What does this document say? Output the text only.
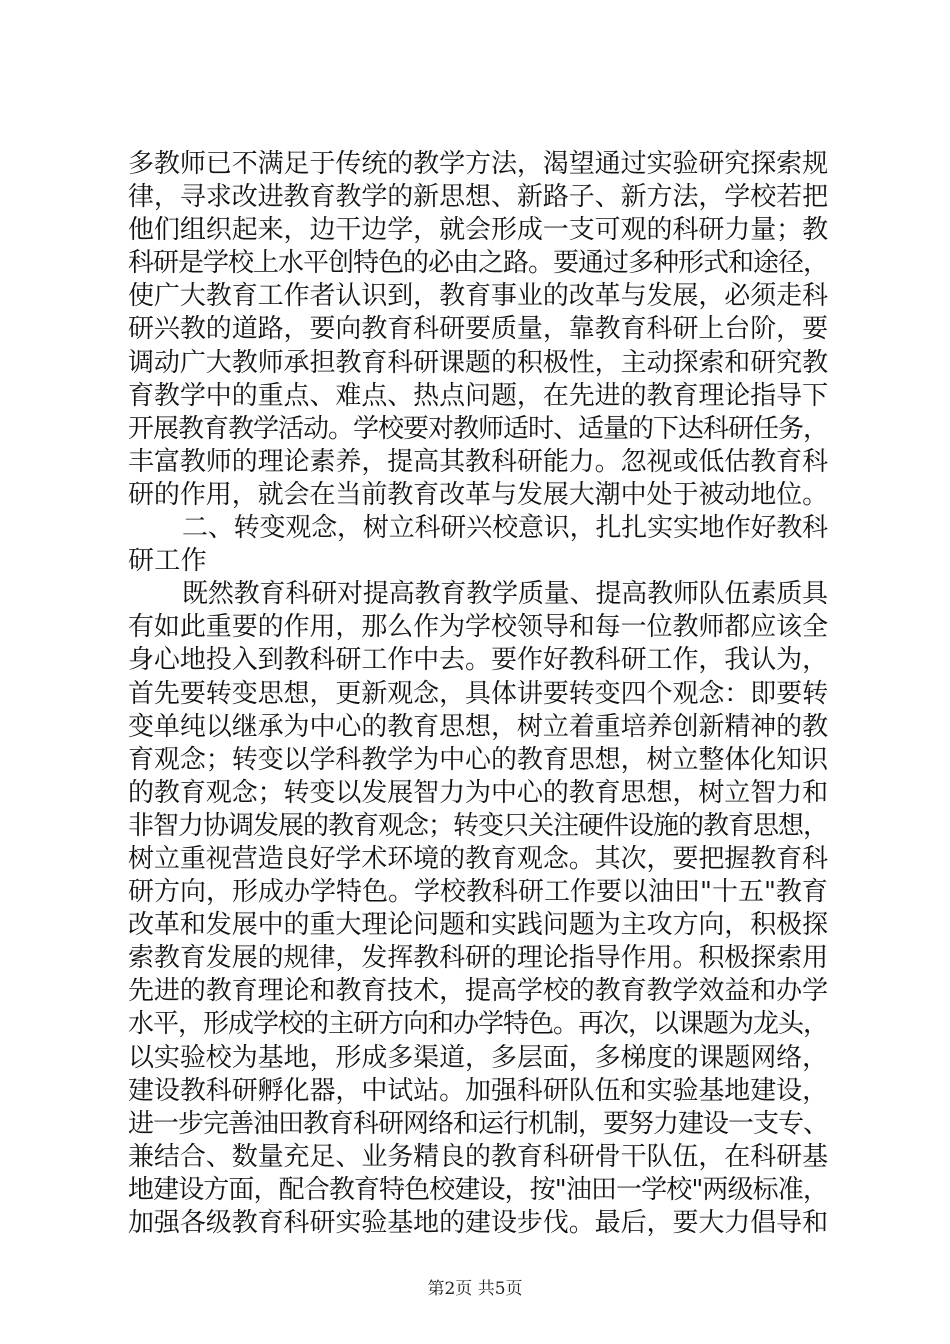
多教师已不满足于传统的教学方法，渴望通过实验研究探索规
律，寻求改进教育教学的新思想、新路子、新方法，学校若把
他们组织起来，边干边学，就会形成一支可观的科研力量；教
科研是学校上水平创特色的必由之路。要通过多种形式和途径，
使广大教育工作者认识到，教育事业的改革与发展，必须走科
研兴教的道路，要向教育科研要质量，靠教育科研上台阶，要
调动广大教师承担教育科研课题的积极性，主动探索和研究教
育教学中的重点、难点、热点问题，在先进的教育理论指导下
开展教育教学活动。学校要对教师适时、适量的下达科研任务，
丰富教师的理论素养，提高其教科研能力。忽视或低估教育科
研的作用，就会在当前教育改革与发展大潮中处于被动地位。
二、转变观念，树立科研兴校意识，扎扎实实地作好教科
研工作
既然教育科研对提高教育教学质量、提高教师队伍素质具
有如此重要的作用，那么作为学校领导和每一位教师都应该全
身心地投入到教科研工作中去。要作好教科研工作，我认为，
首先要转变思想，更新观念，具体讲要转变四个观念：即要转
变单纯以继承为中心的教育思想，树立着重培养创新精神的教
育观念；转变以学科教学为中心的教育思想，树立整体化知识
的教育观念；转变以发展智力为中心的教育思想，树立智力和
非智力协调发展的教育观念；转变只关注硬件设施的教育思想，
树立重视营造良好学术环境的教育观念。其次，要把握教育科
研方向，形成办学特色。学校教科研工作要以油田"十五"教育
改革和发展中的重大理论问题和实践问题为主攻方向，积极探
索教育发展的规律，发挥教科研的理论指导作用。积极探索用
先进的教育理论和教育技术，提高学校的教育教学效益和办学
水平，形成学校的主研方向和办学特色。再次，以课题为龙头，
以实验校为基地，形成多渠道，多层面，多梯度的课题网络，
建设教科研孵化器，中试站。加强科研队伍和实验基地建设，
进一步完善油田教育科研网络和运行机制，要努力建设一支专、
兼结合、数量充足、业务精良的教育科研骨干队伍，在科研基
地建设方面，配合教育特色校建设，按"油田一学校"两级标准，
加强各级教育科研实验基地的建设步伐。最后，要大力倡导和
第2页 共5页
